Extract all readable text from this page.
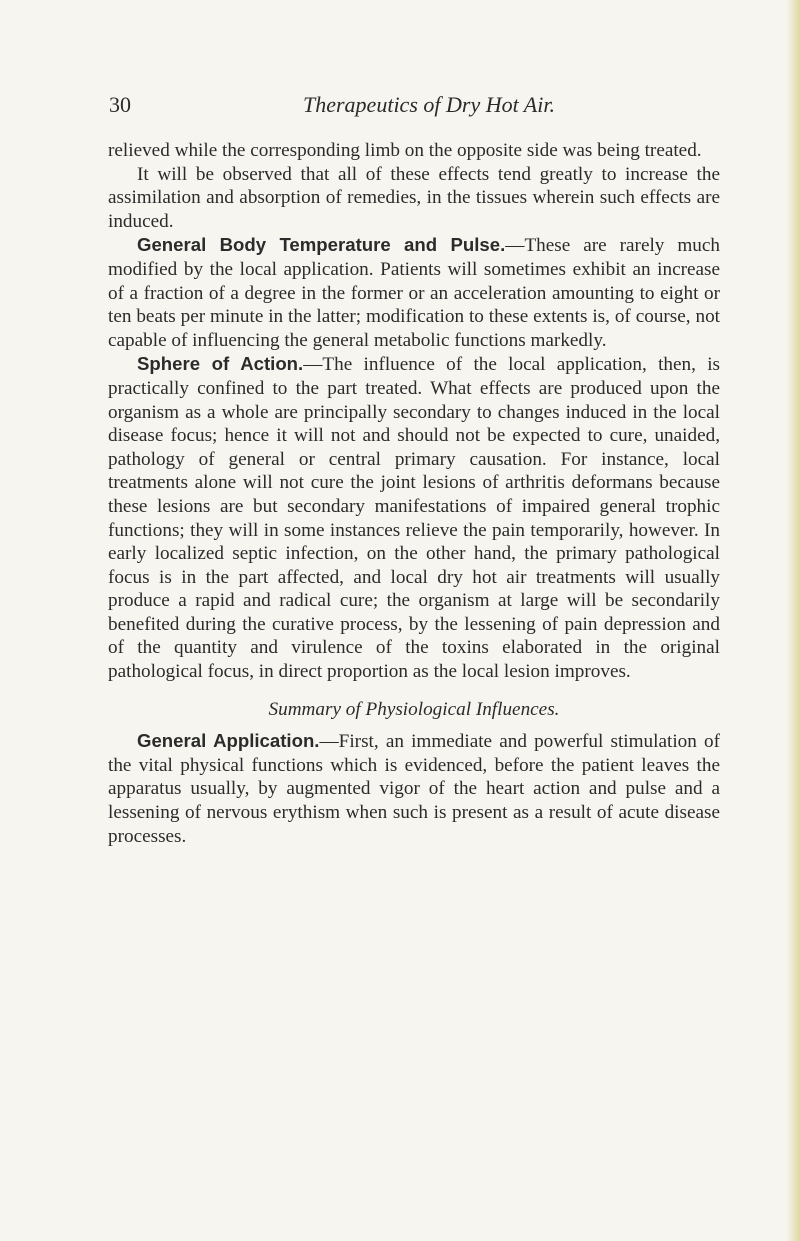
30	Therapeutics of Dry Hot Air.

relieved while the corresponding limb on the opposite side was being treated.

It will be observed that all of these effects tend greatly to increase the assimilation and absorption of remedies, in the tissues wherein such effects are induced.

General Body Temperature and Pulse.—These are rarely much modified by the local application. Patients will sometimes exhibit an increase of a fraction of a degree in the former or an acceleration amounting to eight or ten beats per minute in the latter; modification to these extents is, of course, not capable of influencing the general metabolic functions markedly.

Sphere of Action.—The influence of the local application, then, is practically confined to the part treated. What effects are produced upon the organism as a whole are principally secondary to changes induced in the local disease focus; hence it will not and should not be expected to cure, unaided, pathology of general or central primary causation. For instance, local treatments alone will not cure the joint lesions of arthritis deformans because these lesions are but secondary manifestations of impaired general trophic functions; they will in some instances relieve the pain temporarily, however. In early localized septic infection, on the other hand, the primary pathological focus is in the part affected, and local dry hot air treatments will usually produce a rapid and radical cure; the organism at large will be secondarily benefited during the curative process, by the lessening of pain depression and of the quantity and virulence of the toxins elaborated in the original pathological focus, in direct proportion as the local lesion improves.

Summary of Physiological Influences.

General Application.—First, an immediate and powerful stimulation of the vital physical functions which is evidenced, before the patient leaves the apparatus usually, by augmented vigor of the heart action and pulse and a lessening of nervous erythism when such is present as a result of acute disease processes.
